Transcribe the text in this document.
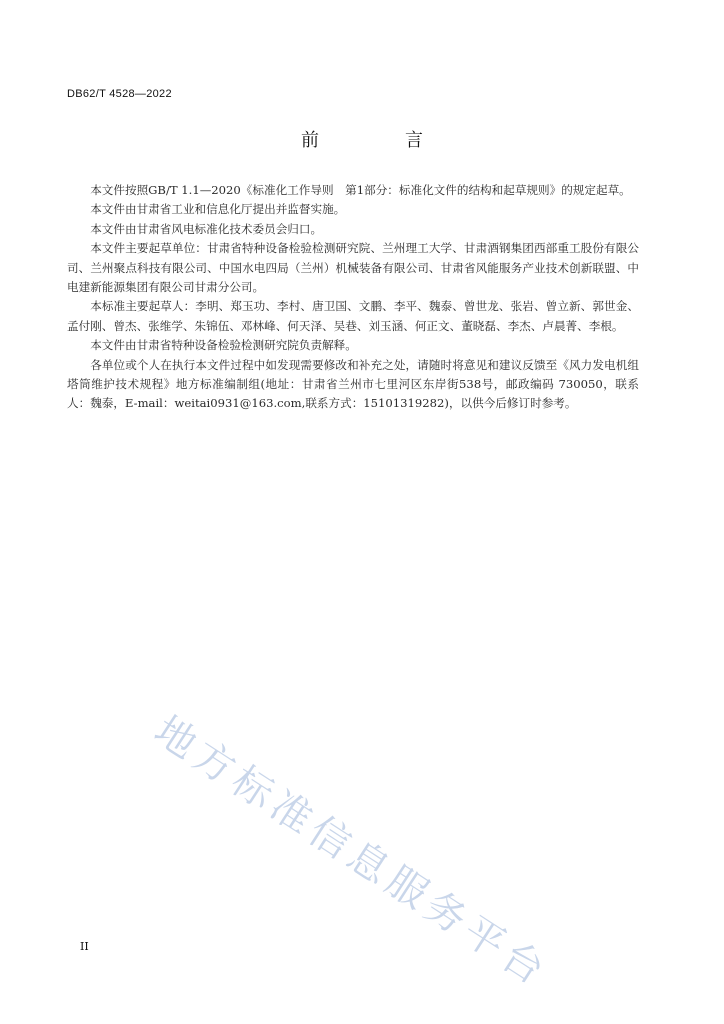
DB62/T 4528—2022
前　言

本文件按照GB/T 1.1—2020《标准化工作导则　第1部分：标准化文件的结构和起草规则》的规定起草。

本文件由甘肃省工业和信息化厅提出并监督实施。

本文件由甘肃省风电标准化技术委员会归口。

本文件主要起草单位：甘肃省特种设备检验检测研究院、兰州理工大学、甘肃酒钢集团西部重工股份有限公司、兰州聚点科技有限公司、中国水电四局（兰州）机械装备有限公司、甘肃省风能服务产业技术创新联盟、中电建新能源集团有限公司甘肃分公司。

本标准主要起草人：李明、郑玉功、李村、唐卫国、文鹏、李平、魏泰、曾世龙、张岩、曾立新、郭世金、孟付刚、曾杰、张维学、朱锦伍、邓林峰、何天泽、吴巷、刘玉涵、何正文、董晓磊、李杰、卢晨菁、李根。

本文件由甘肃省特种设备检验检测研究院负责解释。

各单位或个人在执行本文件过程中如发现需要修改和补充之处，请随时将意见和建议反馈至《风力发电机组塔筒维护技术规程》地方标准编制组(地址：甘肃省兰州市七里河区东岸街538号，邮政编码 730050，联系人：魏泰，E-mail：weitai0931@163.com,联系方式：15101319282)，以供今后修订时参考。

地方标准信息服务平台
II
